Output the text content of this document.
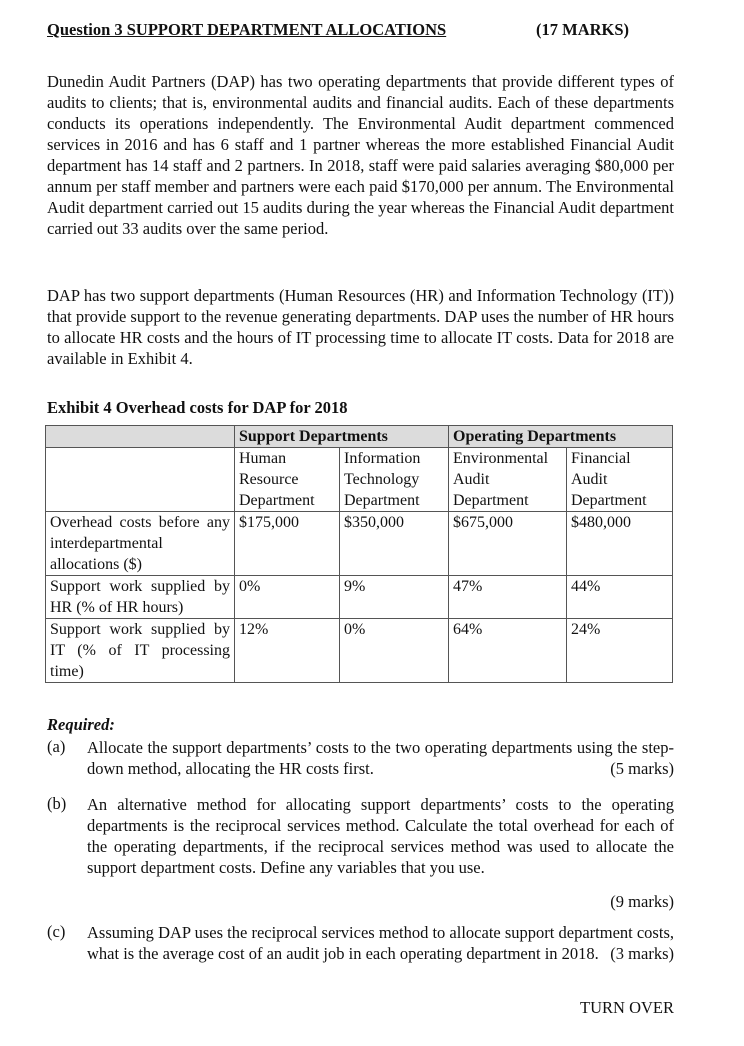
Question 3 SUPPORT DEPARTMENT ALLOCATIONS	(17 MARKS)

Dunedin Audit Partners (DAP) has two operating departments that provide different types of audits to clients; that is, environmental audits and financial audits. Each of these departments conducts its operations independently. The Environmental Audit department commenced services in 2016 and has 6 staff and 1 partner whereas the more established Financial Audit department has 14 staff and 2 partners. In 2018, staff were paid salaries averaging $80,000 per annum per staff member and partners were each paid $170,000 per annum. The Environmental Audit department carried out 15 audits during the year whereas the Financial Audit department carried out 33 audits over the same period.

DAP has two support departments (Human Resources (HR) and Information Technology (IT)) that provide support to the revenue generating departments. DAP uses the number of HR hours to allocate HR costs and the hours of IT processing time to allocate IT costs. Data for 2018 are available in Exhibit 4.

Exhibit 4 Overhead costs for DAP for 2018
	Support Departments		Operating Departments	
	Human Resource Department	Information Technology Department	Environmental Audit Department	Financial Audit Department
Overhead costs before any interdepartmental allocations ($)	$175,000	$350,000	$675,000	$480,000
Support work supplied by HR (% of HR hours)	0%	9%	47%	44%
Support work supplied by IT (% of IT processing time)	12%	0%	64%	24%
Required:
(a) Allocate the support departments’ costs to the two operating departments using the step-down method, allocating the HR costs first.	(5 marks)

(b) An alternative method for allocating support departments’ costs to the operating departments is the reciprocal services method. Calculate the total overhead for each of the operating departments, if the reciprocal services method was used to allocate the support department costs. Define any variables that you use.

(9 marks)

(c) Assuming DAP uses the reciprocal services method to allocate support department costs, what is the average cost of an audit job in each operating department in 2018. (3 marks)

TURN OVER
